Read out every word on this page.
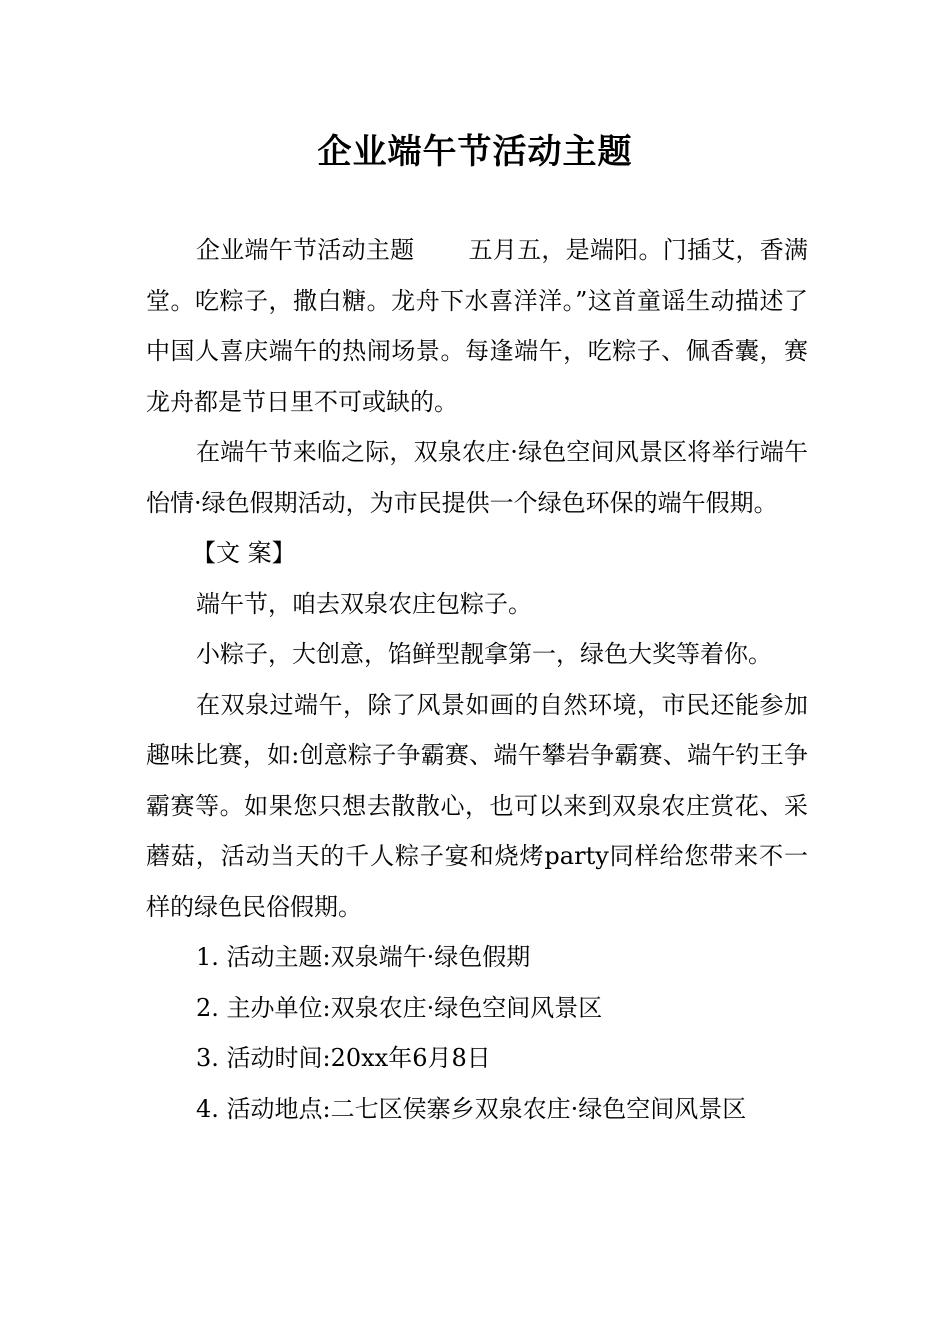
企业端午节活动主题

企业端午节活动主题 五月五，是端阳。门插艾，香满堂。吃粽子，撒白糖。龙舟下水喜洋洋。”这首童谣生动描述了中国人喜庆端午的热闹场景。每逢端午，吃粽子、佩香囊，赛龙舟都是节日里不可或缺的。

在端午节来临之际，双泉农庄·绿色空间风景区将举行端午怡情·绿色假期活动，为市民提供一个绿色环保的端午假期。

【文 案】

端午节，咱去双泉农庄包粽子。

小粽子，大创意，馅鲜型靓拿第一，绿色大奖等着你。

在双泉过端午，除了风景如画的自然环境，市民还能参加趣味比赛，如:创意粽子争霸赛、端午攀岩争霸赛、端午钓王争霸赛等。如果您只想去散散心，也可以来到双泉农庄赏花、采蘑菇，活动当天的千人粽子宴和烧烤party同样给您带来不一样的绿色民俗假期。

1. 活动主题:双泉端午·绿色假期

2. 主办单位:双泉农庄·绿色空间风景区

3. 活动时间:20xx年6月8日

4. 活动地点:二七区侯寨乡双泉农庄·绿色空间风景区
